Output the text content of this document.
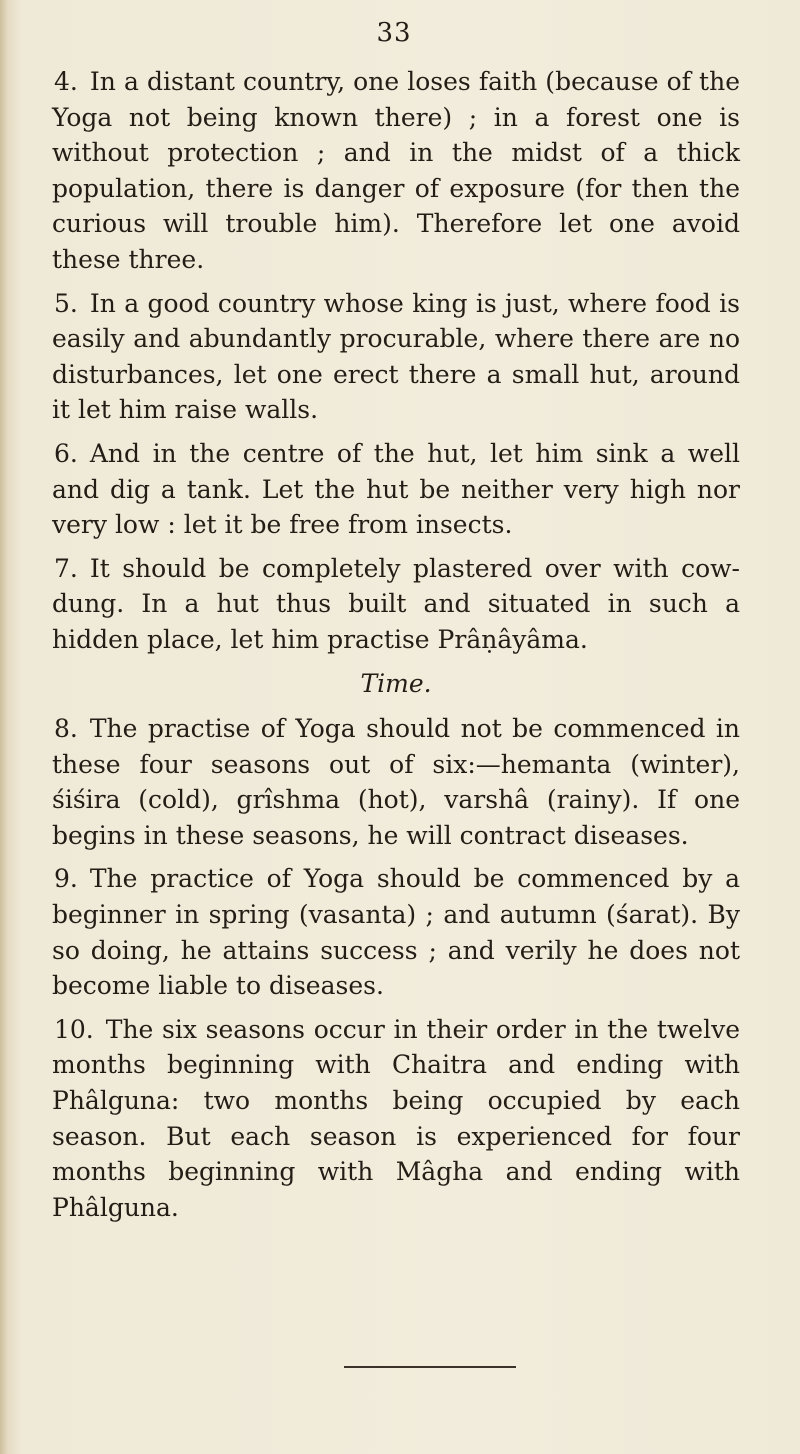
33

4. In a distant country, one loses faith (because of the Yoga not being known there) ; in a forest one is without protection ; and in the midst of a thick population, there is danger of exposure (for then the curious will trouble him). Therefore let one avoid these three.

5. In a good country whose king is just, where food is easily and abundantly procurable, where there are no disturbances, let one erect there a small hut, around it let him raise walls.

6. And in the centre of the hut, let him sink a well and dig a tank. Let the hut be neither very high nor very low : let it be free from insects.

7. It should be completely plastered over with cow-dung. In a hut thus built and situated in such a hidden place, let him practise Prâṇâyâma.

Time.

8. The practise of Yoga should not be commenced in these four seasons out of six:—hemanta (winter), śiśira (cold), grîshma (hot), varshâ (rainy). If one begins in these seasons, he will contract diseases.

9. The practice of Yoga should be commenced by a beginner in spring (vasanta) ; and autumn (śarat). By so doing, he attains success ; and verily he does not become liable to diseases.

10. The six seasons occur in their order in the twelve months beginning with Chaitra and ending with Phâlguna: two months being occupied by each season. But each season is experienced for four months beginning with Mâgha and ending with Phâlguna.
